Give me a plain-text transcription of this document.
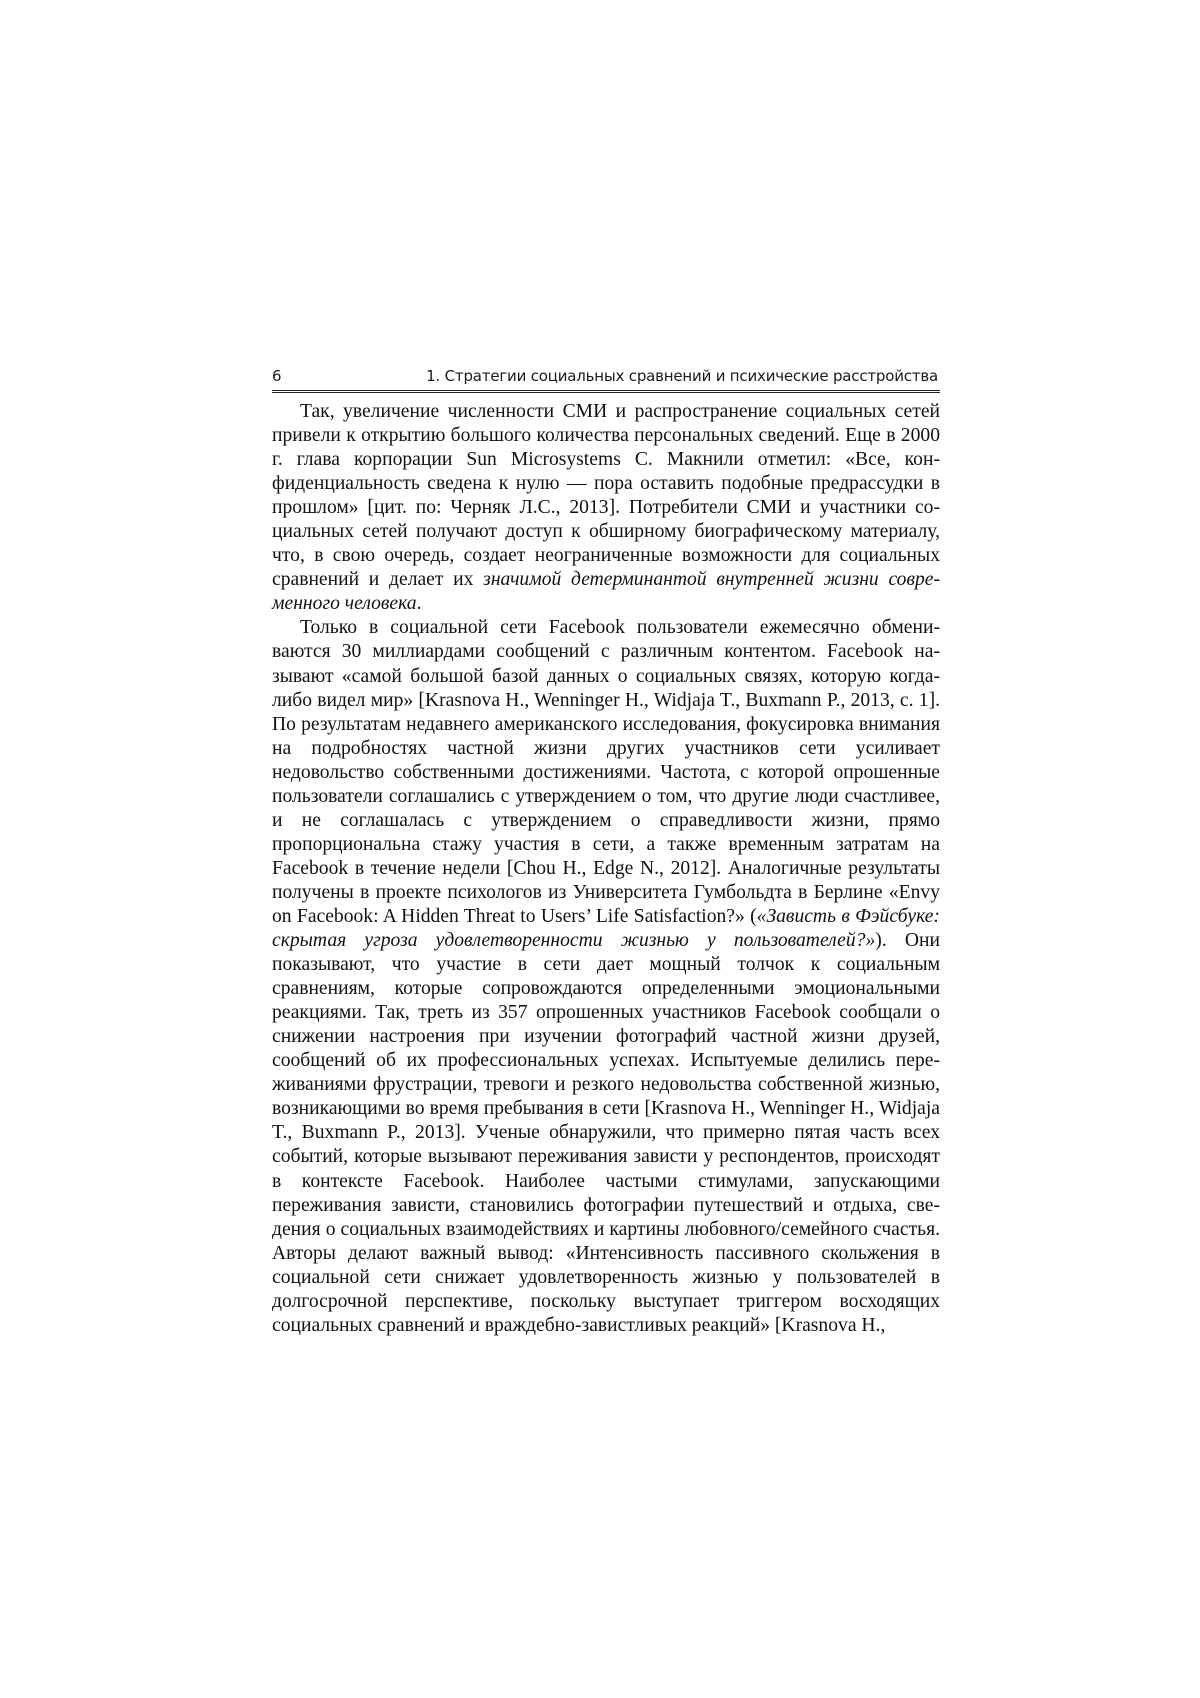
6	1. Стратегии социальных сравнений и психические расстройства

Так, увеличение численности СМИ и распространение социальных сетей привели к открытию большого количества персональных сведений. Еще в 2000 г. глава корпорации Sun Microsystems С. Макнили отметил: «Все, конфиденциальность сведена к нулю — пора оставить подобные предрассудки в прошлом» [цит. по: Черняк Л.С., 2013]. Потребители СМИ и участники социальных сетей получают доступ к обширному биографическому материалу, что, в свою очередь, создает неограниченные возможности для социальных сравнений и делает их значимой детерминантой внутренней жизни современного человека.

Только в социальной сети Facebook пользователи ежемесячно обмениваются 30 миллиардами сообщений с различным контентом. Facebook называют «самой большой базой данных о социальных связях, которую когда-либо видел мир» [Krasnova H., Wenninger H., Widjaja T., Buxmann P., 2013, с. 1]. По результатам недавнего американского исследования, фокусировка внимания на подробностях частной жизни других участников сети усиливает недовольство собственными достижениями. Частота, с которой опрошенные пользователи соглашались с утверждением о том, что другие люди счастливее, и не соглашалась с утверждением о справедливости жизни, прямо пропорциональна стажу участия в сети, а также временным затратам на Facebook в течение недели [Chou H., Edge N., 2012]. Аналогичные результаты получены в проекте психологов из Университета Гумбольдта в Берлине «Envy on Facebook: A Hidden Threat to Users’ Life Satisfaction?» («Зависть в Фэйсбуке: скрытая угроза удовлетворенности жизнью у пользователей?»). Они показывают, что участие в сети дает мощный толчок к социальным сравнениям, которые сопровождаются определенными эмоциональными реакциями. Так, треть из 357 опрошенных участников Facebook сообщали о снижении настроения при изучении фотографий частной жизни друзей, сообщений об их профессиональных успехах. Испытуемые делились переживаниями фрустрации, тревоги и резкого недовольства собственной жизнью, возникающими во время пребывания в сети [Krasnova H., Wenninger H., Widjaja T., Buxmann P., 2013]. Ученые обнаружили, что примерно пятая часть всех событий, которые вызывают переживания зависти у респондентов, происходят в контексте Facebook. Наиболее частыми стимулами, запускающими переживания зависти, становились фотографии путешествий и отдыха, сведения о социальных взаимодействиях и картины любовного/семейного счастья. Авторы делают важный вывод: «Интенсивность пассивного скольжения в социальной сети снижает удовлетворенность жизнью у пользователей в долгосрочной перспективе, поскольку выступает триггером восходящих социальных сравнений и враждебно-завистливых реакций» [Krasnova H.,
